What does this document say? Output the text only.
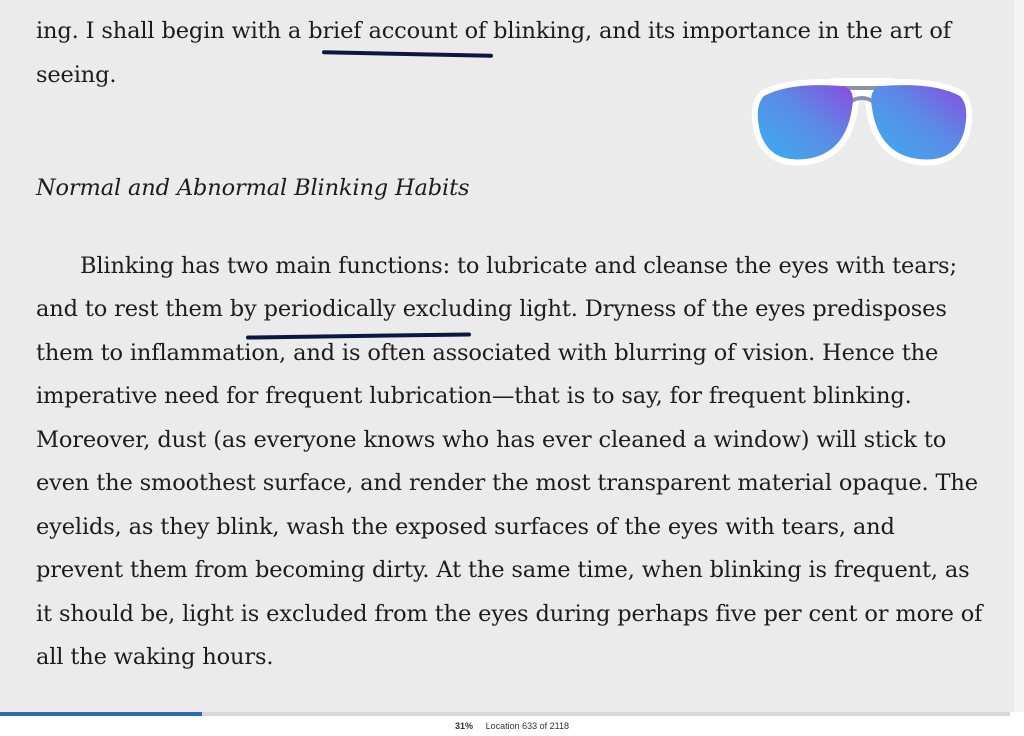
ing. I shall begin with a brief account of blinking, and its importance in the art of

seeing.

Normal and Abnormal Blinking Habits

Blinking has two main functions: to lubricate and cleanse the eyes with tears; and to rest them by periodically excluding light. Dryness of the eyes predisposes them to inflammation, and is often associated with blurring of vision. Hence the imperative need for frequent lubrication—that is to say, for frequent blinking. Moreover, dust (as everyone knows who has ever cleaned a window) will stick to even the smoothest surface, and render the most transparent material opaque. The eyelids, as they blink, wash the exposed surfaces of the eyes with tears, and prevent them from becoming dirty. At the same time, when blinking is frequent, as it should be, light is excluded from the eyes during perhaps five per cent or more of all the waking hours.

31% Location 633 of 2118
